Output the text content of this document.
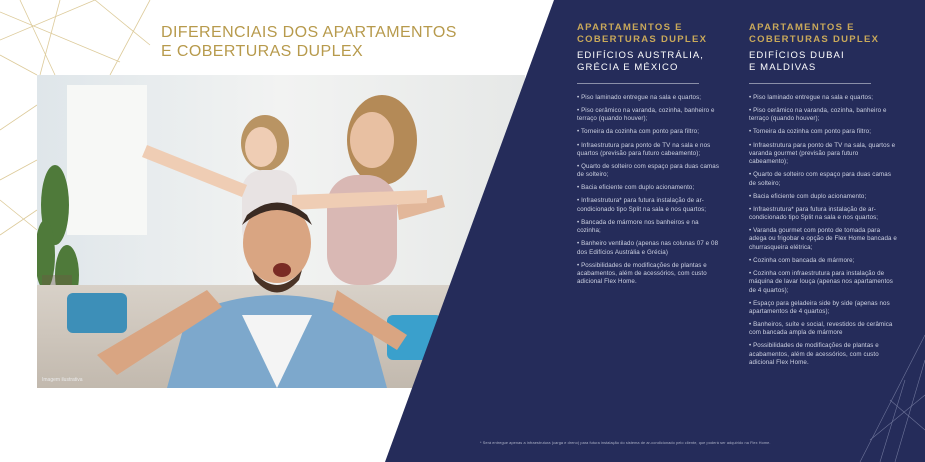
DIFERENCIAIS DOS APARTAMENTOS
E COBERTURAS DUPLEX
Imagem ilustrativa
APARTAMENTOS E
COBERTURAS DUPLEX
EDIFÍCIOS AUSTRÁLIA,
GRÉCIA E MÉXICO
• Piso laminado entregue na sala e quartos;
• Piso cerâmico na varanda, cozinha, banheiro e terraço (quando houver);
• Torneira da cozinha com ponto para filtro;
• Infraestrutura para ponto de TV na sala e nos quartos (previsão para futuro cabeamento);
• Quarto de solteiro com espaço para duas camas de solteiro;
• Bacia eficiente com duplo acionamento;
• Infraestrutura* para futura instalação de ar-condicionado tipo Split na sala e nos quartos;
• Bancada de mármore nos banheiros e na cozinha;
• Banheiro ventilado (apenas nas colunas 07 e 08 dos Edifícios Austrália e Grécia)
• Possibilidades de modificações de plantas e acabamentos, além de acessórios, com custo adicional Flex Home.
APARTAMENTOS E
COBERTURAS DUPLEX
EDIFÍCIOS DUBAI
E MALDIVAS
• Piso laminado entregue na sala e quartos;
• Piso cerâmico na varanda, cozinha, banheiro e terraço (quando houver);
• Torneira da cozinha com ponto para filtro;
• Infraestrutura para ponto de TV na sala, quartos e varanda gourmet (previsão para futuro cabeamento);
• Quarto de solteiro com espaço para duas camas de solteiro;
• Bacia eficiente com duplo acionamento;
• Infraestrutura* para futura instalação de ar-condicionado tipo Split na sala e nos quartos;
• Varanda gourmet com ponto de tomada para adega ou frigobar e opção de Flex Home bancada e churrasqueira elétrica;
• Cozinha com bancada de mármore;
• Cozinha com infraestrutura para instalação de máquina de lavar louça (apenas nos apartamentos de 4 quartos);
• Espaço para geladeira side by side (apenas nos apartamentos de 4 quartos);
• Banheiros, suíte e social, revestidos de cerâmica com bancada ampla de mármore
• Possibilidades de modificações de plantas e acabamentos, além de acessórios, com custo adicional Flex Home.
* Será entregue apenas a infraestrutura (carga e dreno) para futura instalação do sistema de ar-condicionado pelo cliente, que poderá ser adquirido na Flex Home.
